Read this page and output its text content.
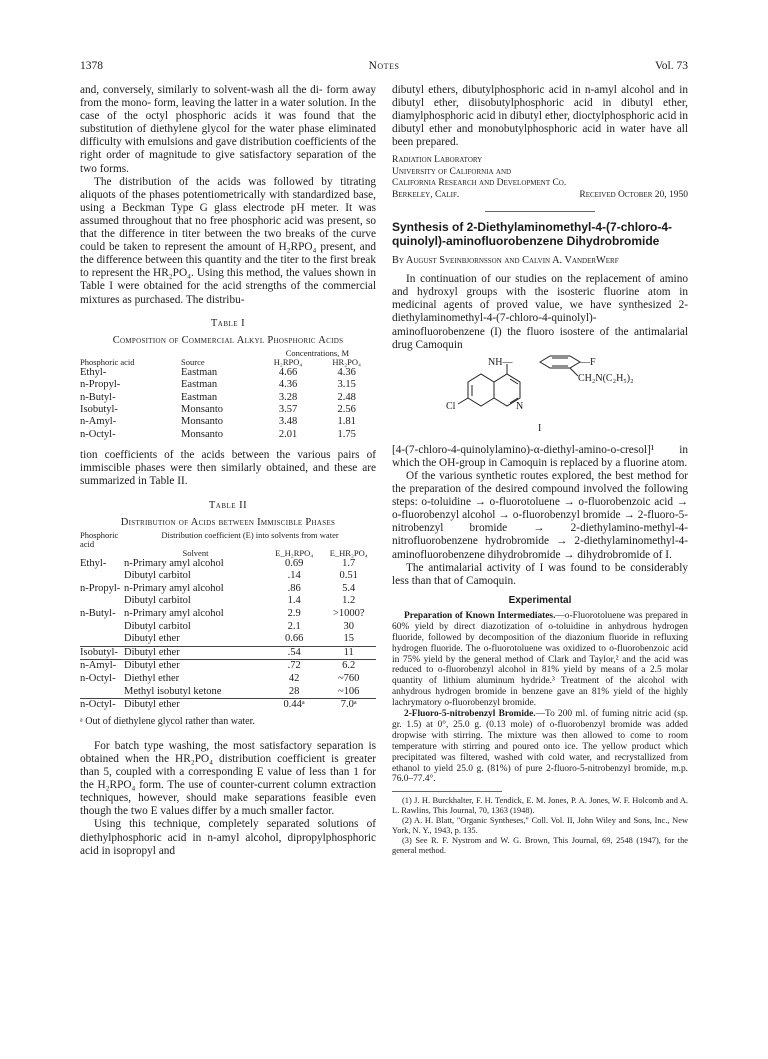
1378	Notes	Vol. 73

and, conversely, similarly to solvent-wash all the di- form away from the mono- form, leaving the latter in a water solution. In the case of the octyl phosphoric acids it was found that the substitution of diethylene glycol for the water phase eliminated difficulty with emulsions and gave distribution coefficients of the right order of magnitude to give satisfactory separation of the two forms.

The distribution of the acids was followed by titrating aliquots of the phases potentiometrically with standardized base, using a Beckman Type G glass electrode pH meter. It was assumed throughout that no free phosphoric acid was present, so that the difference in titer between the two breaks of the curve could be taken to represent the amount of H₂RPO₄ present, and the difference between this quantity and the titer to the first break to represent the HR₂PO₄. Using this method, the values shown in Table I were obtained for the acid strengths of the commercial mixtures as purchased. The distribu-

Table I
Composition of Commercial Alkyl Phosphoric Acids
		Concentrations, M	
Phosphoric acid	Source	H₂RPO₄	HR₂PO₄
Ethyl-	Eastman	4.66	4.36
n-Propyl-	Eastman	4.36	3.15
n-Butyl-	Eastman	3.28	2.48
Isobutyl-	Monsanto	3.57	2.56
n-Amyl-	Monsanto	3.48	1.81
n-Octyl-	Monsanto	2.01	1.75

tion coefficients of the acids between the various pairs of immiscible phases were then similarly obtained, and these are summarized in Table II.

Table II
Distribution of Acids between Immiscible Phases
Phosphoric acid	Distribution coefficient (E) into solvents from water		
	Solvent	E_H₂RPO₄	E_HR₂PO₄
Ethyl-	n-Primary amyl alcohol	0.69	1.7
	Dibutyl carbitol	.14	0.51
n-Propyl-	n-Primary amyl alcohol	.86	5.4
	Dibutyl carbitol	1.4	1.2
n-Butyl-	n-Primary amyl alcohol	2.9	>1000?
	Dibutyl carbitol	2.1	30
	Dibutyl ether	0.66	15
Isobutyl-	Dibutyl ether	.54	11
n-Amyl-	Dibutyl ether	.72	6.2
n-Octyl-	Diethyl ether	42	~760
	Methyl isobutyl ketone	28	~106
n-Octyl-	Dibutyl ether	0.44ᵃ	7.0ᵃ
ᵃ Out of diethylene glycol rather than water.

For batch type washing, the most satisfactory separation is obtained when the HR₂PO₄ distribution coefficient is greater than 5, coupled with a corresponding E value of less than 1 for the H₂RPO₄ form. The use of counter-current column extraction techniques, however, should make separations feasible even though the two E values differ by a much smaller factor.

Using this technique, completely separated solutions of diethylphosphoric acid in n-amyl alcohol, dipropylphosphoric acid in isopropyl and

dibutyl ethers, dibutylphosphoric acid in n-amyl alcohol and in dibutyl ether, diisobutylphosphoric acid in dibutyl ether, diamylphosphoric acid in dibutyl ether, dioctylphosphoric acid in dibutyl ether and monobutylphosphoric acid in water have all been prepared.

Radiation Laboratory
University of California and
California Research and Development Co.
Berkeley, Calif.	Received October 20, 1950
Synthesis of 2-Diethylaminomethyl-4-(7-chloro-4-quinolyl)-aminofluorobenzene Dihydrobromide
By August Sveinbjornsson and Calvin A. VanderWerf

In continuation of our studies on the replacement of amino and hydroxyl groups with the isosteric fluorine atom in medicinal agents of proved value, we have synthesized 2-diethylaminomethyl-4-(7-chloro-4-quinolyl)-aminofluorobenzene (I) the fluoro isostere of the antimalarial drug Camoquin

NH—	—F
CH₂N(C₂H₅)₂
Cl	N
I

[4-(7-chloro-4-quinolylamino)-α-diethyl-amino-o-cresol]¹ in which the OH-group in Camoquin is replaced by a fluorine atom.

Of the various synthetic routes explored, the best method for the preparation of the desired compound involved the following steps: o-toluidine → o-fluorotoluene → o-fluorobenzoic acid → o-fluorobenzyl alcohol → o-fluorobenzyl bromide → 2-fluoro-5-nitrobenzyl bromide → 2-diethylamino-methyl-4-nitrofluorobenzene hydrobromide → 2-diethylaminomethyl-4-aminofluorobenzene dihydrobromide → dihydrobromide of I.

The antimalarial activity of I was found to be considerably less than that of Camoquin.

Experimental

Preparation of Known Intermediates.—o-Fluorotoluene was prepared in 60% yield by direct diazotization of o-toluidine in anhydrous hydrogen fluoride, followed by decomposition of the diazonium fluoride in refluxing hydrogen fluoride. The o-fluorotoluene was oxidized to o-fluorobenzoic acid in 75% yield by the general method of Clark and Taylor,² and the acid was reduced to o-fluorobenzyl alcohol in 81% yield by means of a 2.5 molar quantity of lithium aluminum hydride.³ Treatment of the alcohol with anhydrous hydrogen bromide in benzene gave an 81% yield of the highly lachrymatory o-fluorobenzyl bromide.

2-Fluoro-5-nitrobenzyl Bromide.—To 200 ml. of fuming nitric acid (sp. gr. 1.5) at 0°, 25.0 g. (0.13 mole) of o-fluorobenzyl bromide was added dropwise with stirring. The mixture was then allowed to come to room temperature with stirring and poured onto ice. The yellow product which precipitated was filtered, washed with cold water, and recrystallized from ethanol to yield 25.0 g. (81%) of pure 2-fluoro-5-nitrobenzyl bromide, m.p. 76.0–77.4°.

(1) J. H. Burckhalter, F. H. Tendick, E. M. Jones, P. A. Jones, W. F. Holcomb and A. L. Rawlins, This Journal, 70, 1363 (1948).

(2) A. H. Blatt, "Organic Syntheses," Coll. Vol. II, John Wiley and Sons, Inc., New York, N. Y., 1943, p. 135.

(3) See R. F. Nystrom and W. G. Brown, This Journal, 69, 2548 (1947), for the general method.
